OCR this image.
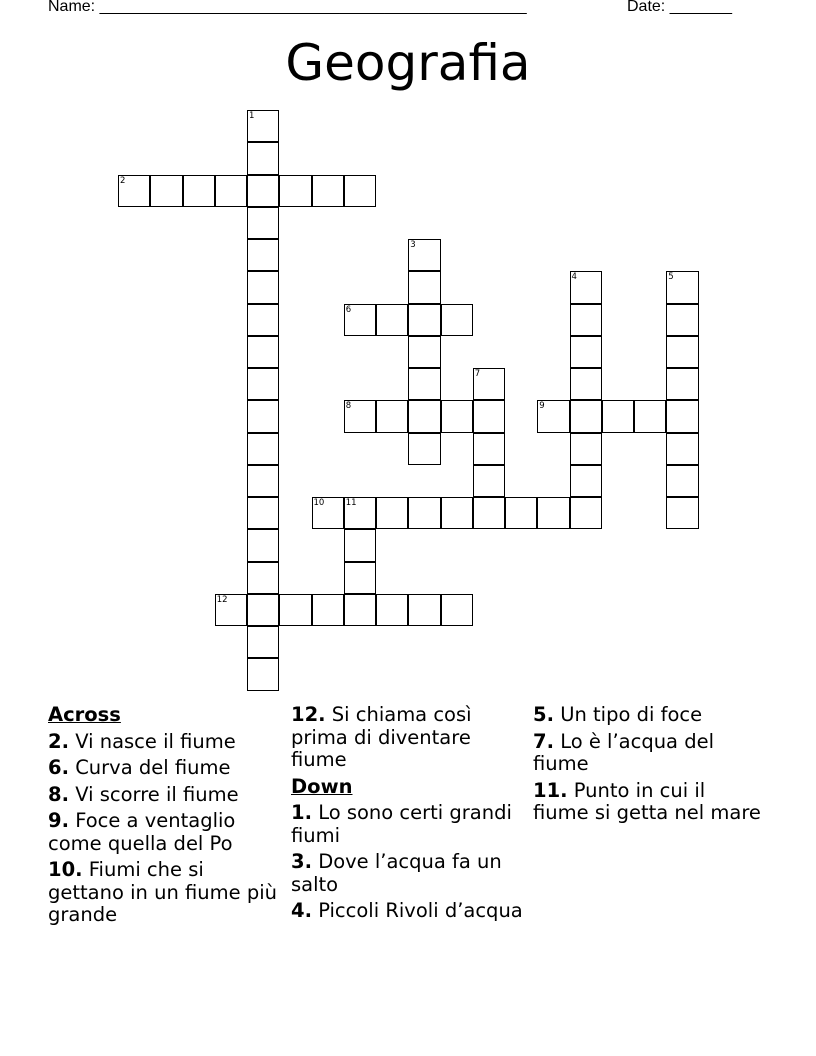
Name: ________________________________________________	Date: _______
Geografia
1
2
3
4	5
6
7
8	9
10	11
12
Across
2. Vi nasce il fiume
6. Curva del fiume
8. Vi scorre il fiume
9. Foce a ventaglio come quella del Po
10. Fiumi che si gettano in un fiume più grande
12. Si chiama così prima di diventare fiume
Down
1. Lo sono certi grandi fiumi
3. Dove l’acqua fa un salto
4. Piccoli Rivoli d’acqua
5. Un tipo di foce
7. Lo è l’acqua del fiume
11. Punto in cui il fiume si getta nel mare
